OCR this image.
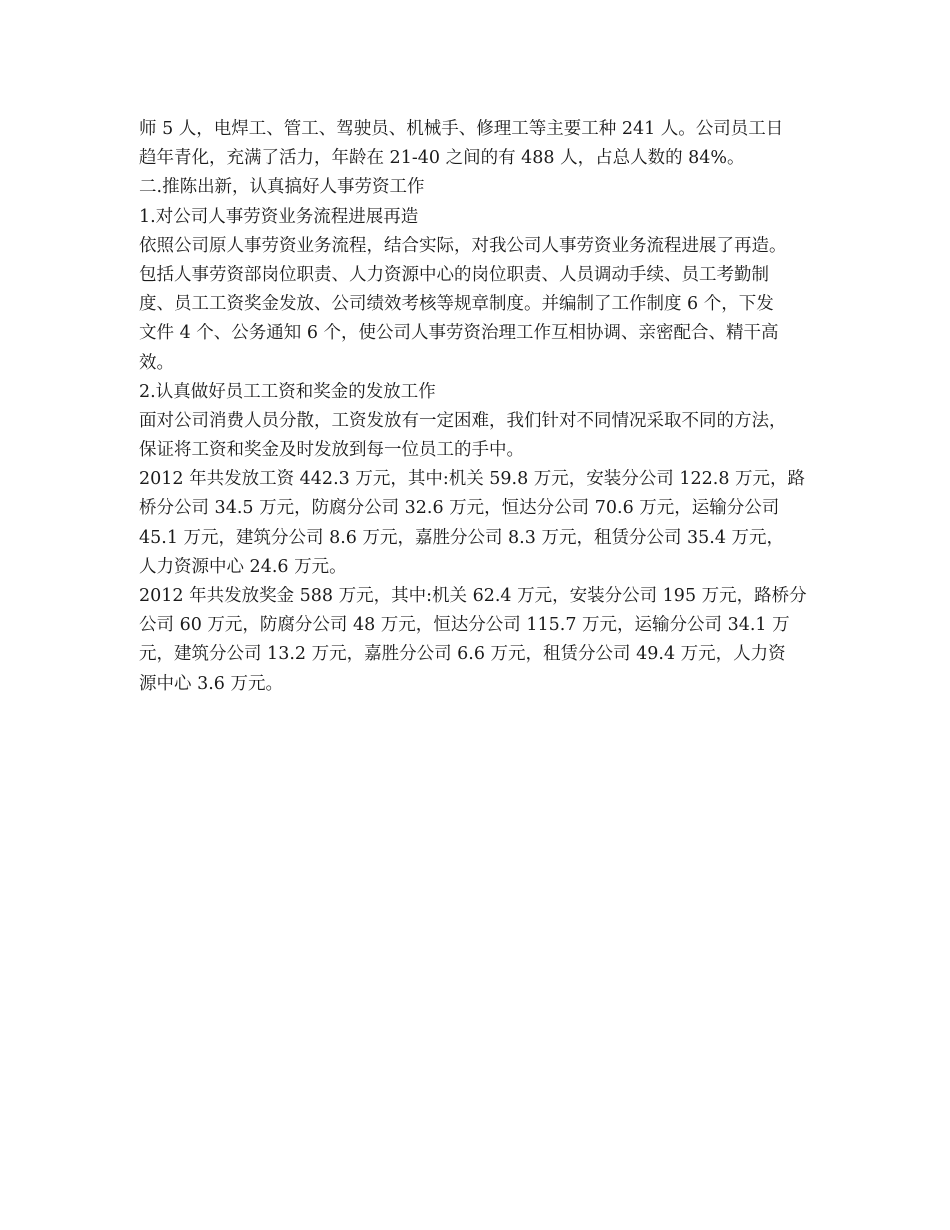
师 5 人，电焊工、管工、驾驶员、机械手、修理工等主要工种 241 人。公司员工日
趋年青化，充满了活力，年龄在 21-40 之间的有 488 人，占总人数的 84%。
二.推陈出新，认真搞好人事劳资工作
1.对公司人事劳资业务流程进展再造
依照公司原人事劳资业务流程，结合实际，对我公司人事劳资业务流程进展了再造。
包括人事劳资部岗位职责、人力资源中心的岗位职责、人员调动手续、员工考勤制
度、员工工资奖金发放、公司绩效考核等规章制度。并编制了工作制度 6 个，下发
文件 4 个、公务通知 6 个，使公司人事劳资治理工作互相协调、亲密配合、精干高
效。
2.认真做好员工工资和奖金的发放工作
面对公司消费人员分散，工资发放有一定困难，我们针对不同情况采取不同的方法，
保证将工资和奖金及时发放到每一位员工的手中。
2012 年共发放工资 442.3 万元，其中:机关 59.8 万元，安装分公司 122.8 万元，路
桥分公司 34.5 万元，防腐分公司 32.6 万元，恒达分公司 70.6 万元，运输分公司
45.1 万元，建筑分公司 8.6 万元，嘉胜分公司 8.3 万元，租赁分公司 35.4 万元，
人力资源中心 24.6 万元。
2012 年共发放奖金 588 万元，其中:机关 62.4 万元，安装分公司 195 万元，路桥分
公司 60 万元，防腐分公司 48 万元，恒达分公司 115.7 万元，运输分公司 34.1 万
元，建筑分公司 13.2 万元，嘉胜分公司 6.6 万元，租赁分公司 49.4 万元，人力资
源中心 3.6 万元。
